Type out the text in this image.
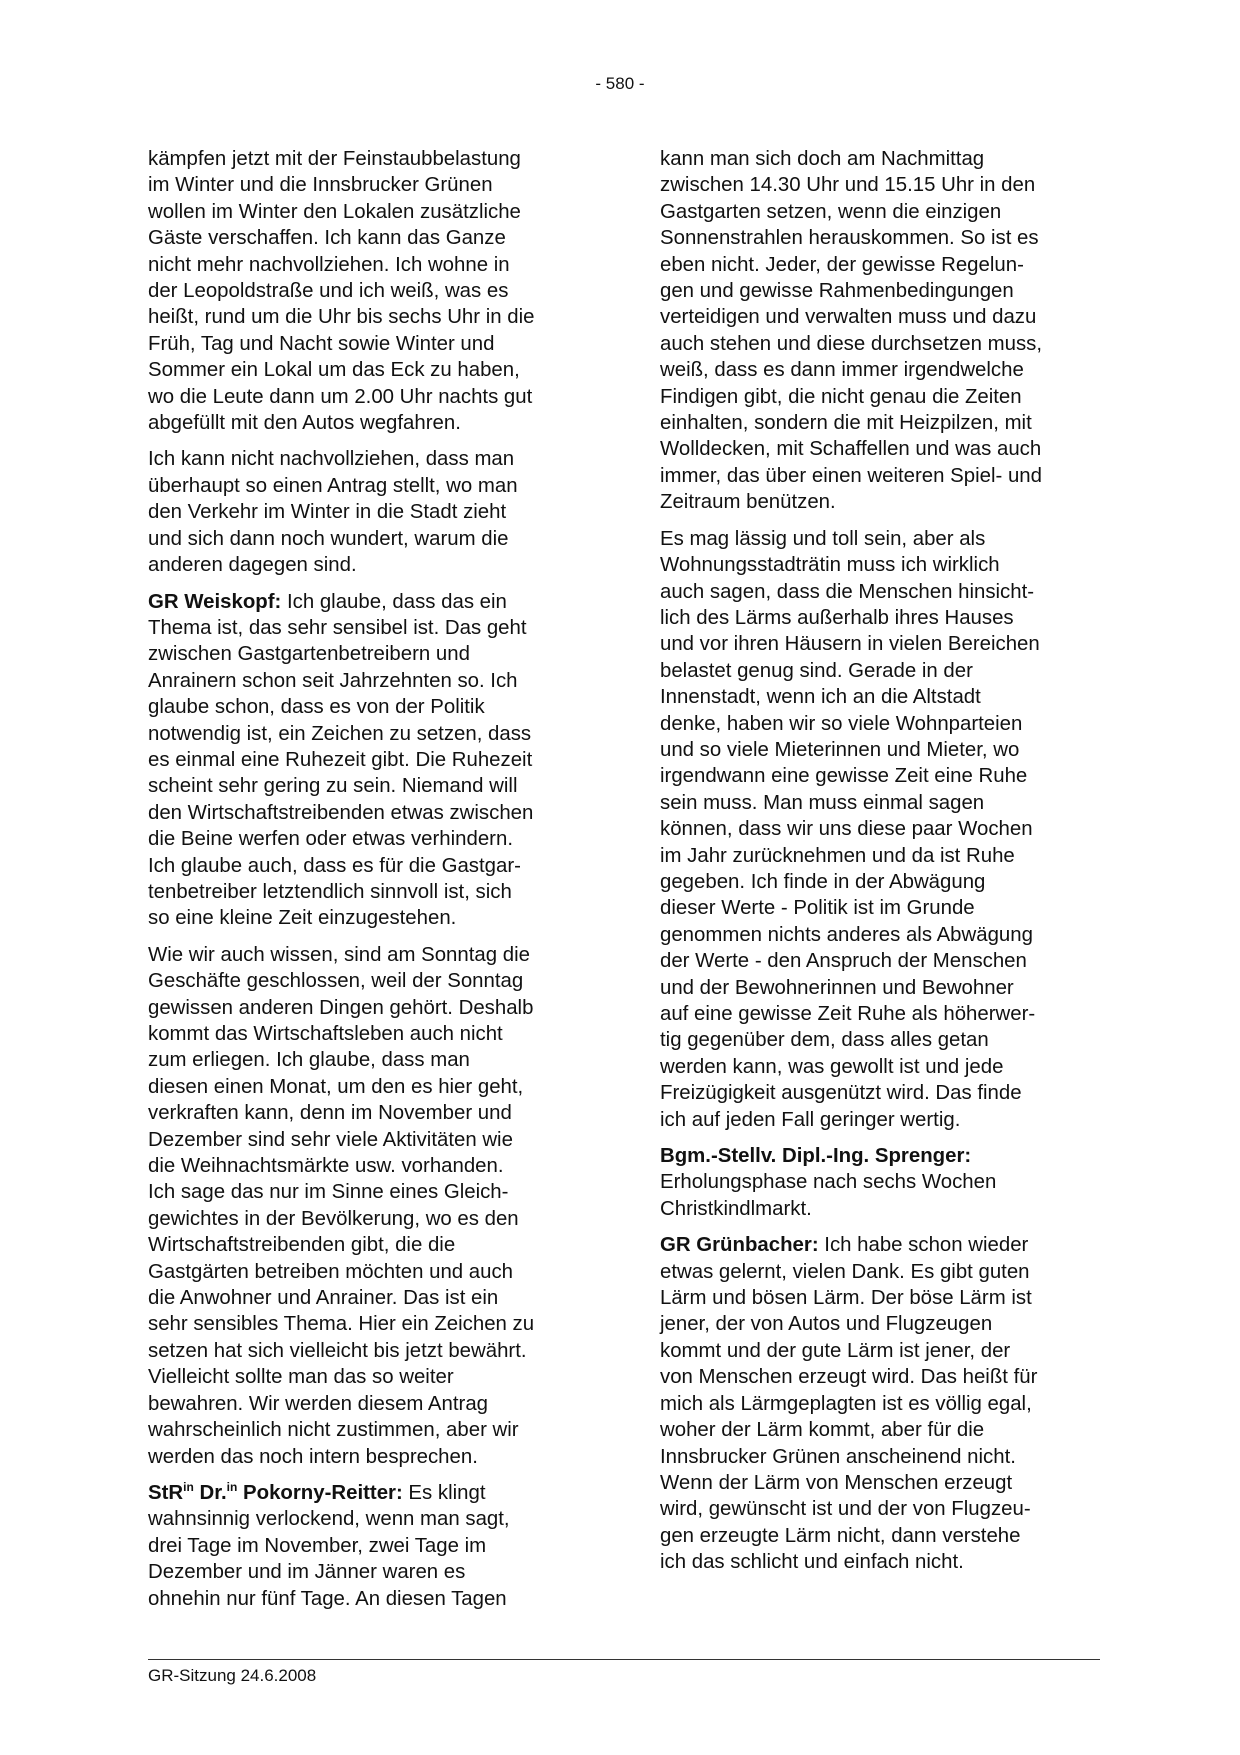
- 580 -

kämpfen jetzt mit der Feinstaubbelastung
im Winter und die Innsbrucker Grünen
wollen im Winter den Lokalen zusätzliche
Gäste verschaffen. Ich kann das Ganze
nicht mehr nachvollziehen. Ich wohne in
der Leopoldstraße und ich weiß, was es
heißt, rund um die Uhr bis sechs Uhr in die
Früh, Tag und Nacht sowie Winter und
Sommer ein Lokal um das Eck zu haben,
wo die Leute dann um 2.00 Uhr nachts gut
abgefüllt mit den Autos wegfahren.

Ich kann nicht nachvollziehen, dass man
überhaupt so einen Antrag stellt, wo man
den Verkehr im Winter in die Stadt zieht
und sich dann noch wundert, warum die
anderen dagegen sind.

GR Weiskopf: Ich glaube, dass das ein
Thema ist, das sehr sensibel ist. Das geht
zwischen Gastgartenbetreibern und
Anrainern schon seit Jahrzehnten so. Ich
glaube schon, dass es von der Politik
notwendig ist, ein Zeichen zu setzen, dass
es einmal eine Ruhezeit gibt. Die Ruhezeit
scheint sehr gering zu sein. Niemand will
den Wirtschaftstreibenden etwas zwischen
die Beine werfen oder etwas verhindern.
Ich glaube auch, dass es für die Gastgar-
tenbetreiber letztendlich sinnvoll ist, sich
so eine kleine Zeit einzugestehen.

Wie wir auch wissen, sind am Sonntag die
Geschäfte geschlossen, weil der Sonntag
gewissen anderen Dingen gehört. Deshalb
kommt das Wirtschaftsleben auch nicht
zum erliegen. Ich glaube, dass man
diesen einen Monat, um den es hier geht,
verkraften kann, denn im November und
Dezember sind sehr viele Aktivitäten wie
die Weihnachtsmärkte usw. vorhanden.
Ich sage das nur im Sinne eines Gleich-
gewichtes in der Bevölkerung, wo es den
Wirtschaftstreibenden gibt, die die
Gastgärten betreiben möchten und auch
die Anwohner und Anrainer. Das ist ein
sehr sensibles Thema. Hier ein Zeichen zu
setzen hat sich vielleicht bis jetzt bewährt.
Vielleicht sollte man das so weiter
bewahren. Wir werden diesem Antrag
wahrscheinlich nicht zustimmen, aber wir
werden das noch intern besprechen.

StR$^{in}$ Dr.$^{in}$ Pokorny-Reitter: Es klingt
wahnsinnig verlockend, wenn man sagt,
drei Tage im November, zwei Tage im
Dezember und im Jänner waren es
ohnehin nur fünf Tage. An diesen Tagen

kann man sich doch am Nachmittag
zwischen 14.30 Uhr und 15.15 Uhr in den
Gastgarten setzen, wenn die einzigen
Sonnenstrahlen herauskommen. So ist es
eben nicht. Jeder, der gewisse Regelun-
gen und gewisse Rahmenbedingungen
verteidigen und verwalten muss und dazu
auch stehen und diese durchsetzen muss,
weiß, dass es dann immer irgendwelche
Findigen gibt, die nicht genau die Zeiten
einhalten, sondern die mit Heizpilzen, mit
Wolldecken, mit Schaffellen und was auch
immer, das über einen weiteren Spiel- und
Zeitraum benützen.

Es mag lässig und toll sein, aber als
Wohnungsstadträtin muss ich wirklich
auch sagen, dass die Menschen hinsicht-
lich des Lärms außerhalb ihres Hauses
und vor ihren Häusern in vielen Bereichen
belastet genug sind. Gerade in der
Innenstadt, wenn ich an die Altstadt
denke, haben wir so viele Wohnparteien
und so viele Mieterinnen und Mieter, wo
irgendwann eine gewisse Zeit eine Ruhe
sein muss. Man muss einmal sagen
können, dass wir uns diese paar Wochen
im Jahr zurücknehmen und da ist Ruhe
gegeben. Ich finde in der Abwägung
dieser Werte - Politik ist im Grunde
genommen nichts anderes als Abwägung
der Werte - den Anspruch der Menschen
und der Bewohnerinnen und Bewohner
auf eine gewisse Zeit Ruhe als höherwer-
tig gegenüber dem, dass alles getan
werden kann, was gewollt ist und jede
Freizügigkeit ausgenützt wird. Das finde
ich auf jeden Fall geringer wertig.

Bgm.-Stellv. Dipl.-Ing. Sprenger:
Erholungsphase nach sechs Wochen
Christkindlmarkt.

GR Grünbacher: Ich habe schon wieder
etwas gelernt, vielen Dank. Es gibt guten
Lärm und bösen Lärm. Der böse Lärm ist
jener, der von Autos und Flugzeugen
kommt und der gute Lärm ist jener, der
von Menschen erzeugt wird. Das heißt für
mich als Lärmgeplagten ist es völlig egal,
woher der Lärm kommt, aber für die
Innsbrucker Grünen anscheinend nicht.
Wenn der Lärm von Menschen erzeugt
wird, gewünscht ist und der von Flugzeu-
gen erzeugte Lärm nicht, dann verstehe
ich das schlicht und einfach nicht.

GR-Sitzung 24.6.2008
